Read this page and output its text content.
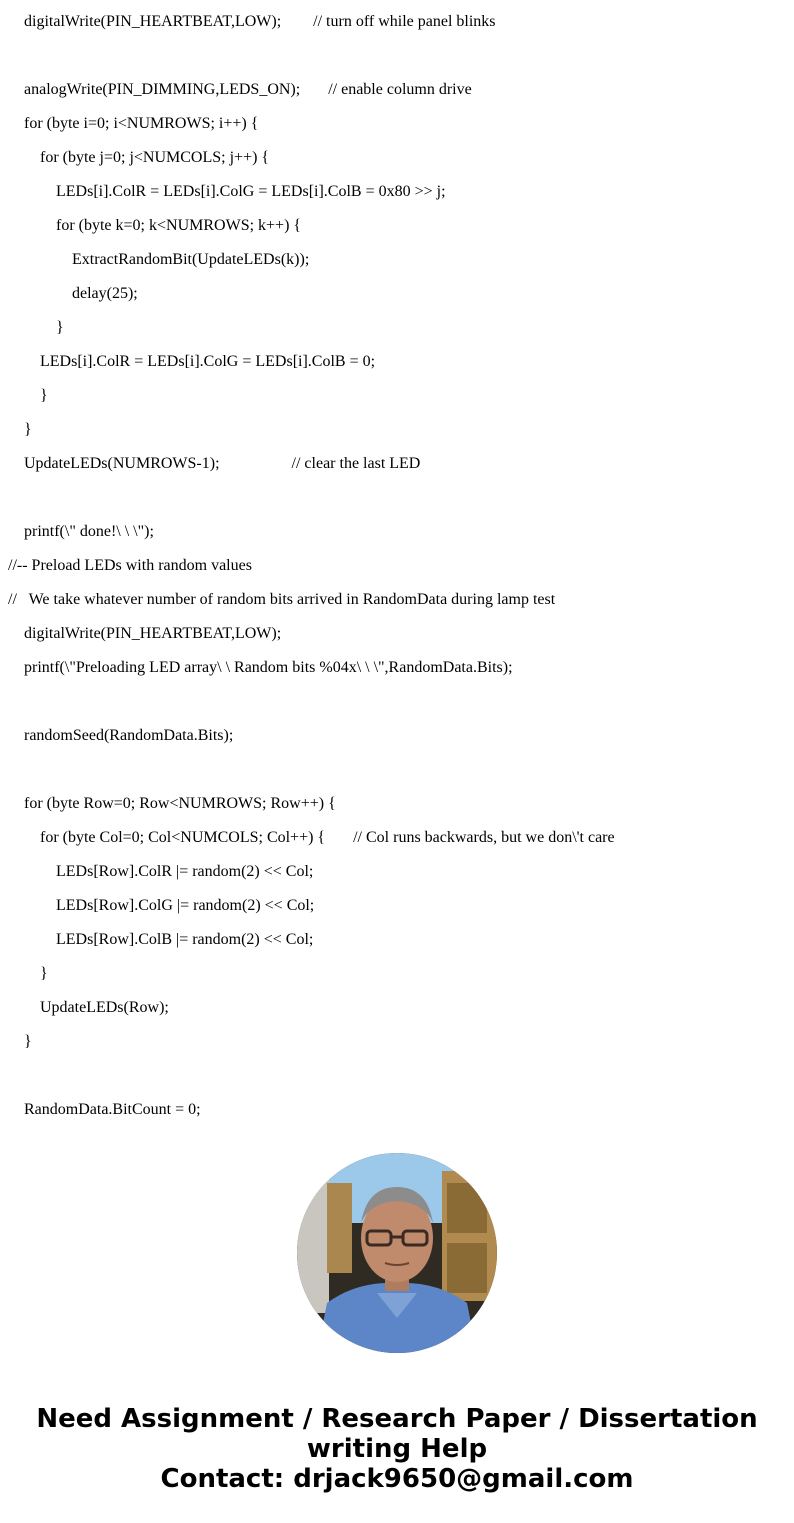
digitalWrite(PIN_HEARTBEAT,LOW);        // turn off while panel blinks
analogWrite(PIN_DIMMING,LEDS_ON);       // enable column drive
for (byte i=0; i<NUMROWS; i++) {
for (byte j=0; j<NUMCOLS; j++) {
LEDs[i].ColR = LEDs[i].ColG = LEDs[i].ColB = 0x80 >> j;
for (byte k=0; k<NUMROWS; k++) {
ExtractRandomBit(UpdateLEDs(k));
delay(25);
}
LEDs[i].ColR = LEDs[i].ColG = LEDs[i].ColB = 0;
}
}
UpdateLEDs(NUMROWS-1);                  // clear the last LED
printf(\" done!\ \ \");
//-- Preload LEDs with random values
//   We take whatever number of random bits arrived in RandomData during lamp test
digitalWrite(PIN_HEARTBEAT,LOW);
printf(\"Preloading LED array\ \ Random bits %04x\ \ \",RandomData.Bits);
randomSeed(RandomData.Bits);
for (byte Row=0; Row<NUMROWS; Row++) {
for (byte Col=0; Col<NUMCOLS; Col++) {       // Col runs backwards, but we don\'t care
LEDs[Row].ColR |= random(2) << Col;
LEDs[Row].ColG |= random(2) << Col;
LEDs[Row].ColB |= random(2) << Col;
}
UpdateLEDs(Row);
}
RandomData.BitCount = 0;
Need Assignment / Research Paper / Dissertation
writing Help
Contact: drjack9650@gmail.com
